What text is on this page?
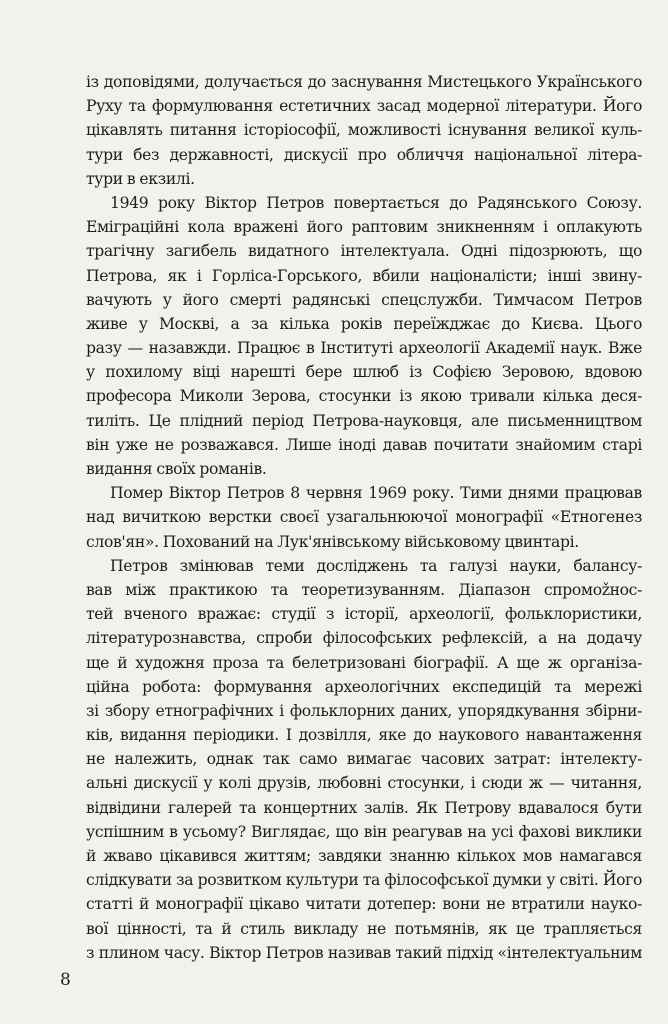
із доповідями, долучається до заснування Мистецького Українського
Руху та формулювання естетичних засад модерної літератури. Його
цікавлять питання історіософії, можливості існування великої куль-
тури без державності, дискусії про обличчя національної літера-
тури в екзилі.
1949 року Віктор Петров повертається до Радянського Союзу.
Еміграційні кола вражені його раптовим зникненням і оплакують
трагічну загибель видатного інтелектуала. Одні підозрюють, що
Петрова, як і Горліса-Горського, вбили націоналісти; інші звину-
вачують у його смерті радянські спецслужби. Тимчасом Петров
живе у Москві, а за кілька років переїжджає до Києва. Цього
разу — назавжди. Працює в Інституті археології Академії наук. Вже
у похилому віці нарешті бере шлюб із Софією Зеровою, вдовою
професора Миколи Зерова, стосунки із якою тривали кілька деся-
тиліть. Це плідний період Петрова-науковця, але письменництвом
він уже не розважався. Лише іноді давав почитати знайомим старі
видання своїх романів.
Помер Віктор Петров 8 червня 1969 року. Тими днями працював
над вичиткою верстки своєї узагальнюючої монографії «Етногенез
слов'ян». Похований на Лук'янівському військовому цвинтарі.
Петров змінював теми досліджень та галузі науки, балансу-
вав між практикою та теоретизуванням. Діапазон спромožнос-
тей вченого вражає: студії з історії, археології, фольклористики,
літературознавства, спроби філософських рефлексій, а на додачу
ще й художня проза та белетризовані біографії. А ще ж організа-
ційна робота: формування археологічних експедицій та мережі
зі збору етнографічних і фольклорних даних, упорядкування збірни-
ків, видання періодики. І дозвілля, яке до наукового навантаження
не належить, однак так само вимагає часових затрат: інтелекту-
альні дискусії у колі друзів, любовні стосунки, і сюди ж — читання,
відвідини галерей та концертних залів. Як Петрову вдавалося бути
успішним в усьому? Виглядає, що він реагував на усі фахові виклики
й жваво цікавився життям; завдяки знанню кількох мов намагався
слідкувати за розвитком культури та філософської думки у світі. Його
статті й монографії цікаво читати дотепер: вони не втратили науко-
вої цінності, та й стиль викладу не потьмянів, як це трапляється
з плином часу. Віктор Петров називав такий підхід «інтелектуальним
8
